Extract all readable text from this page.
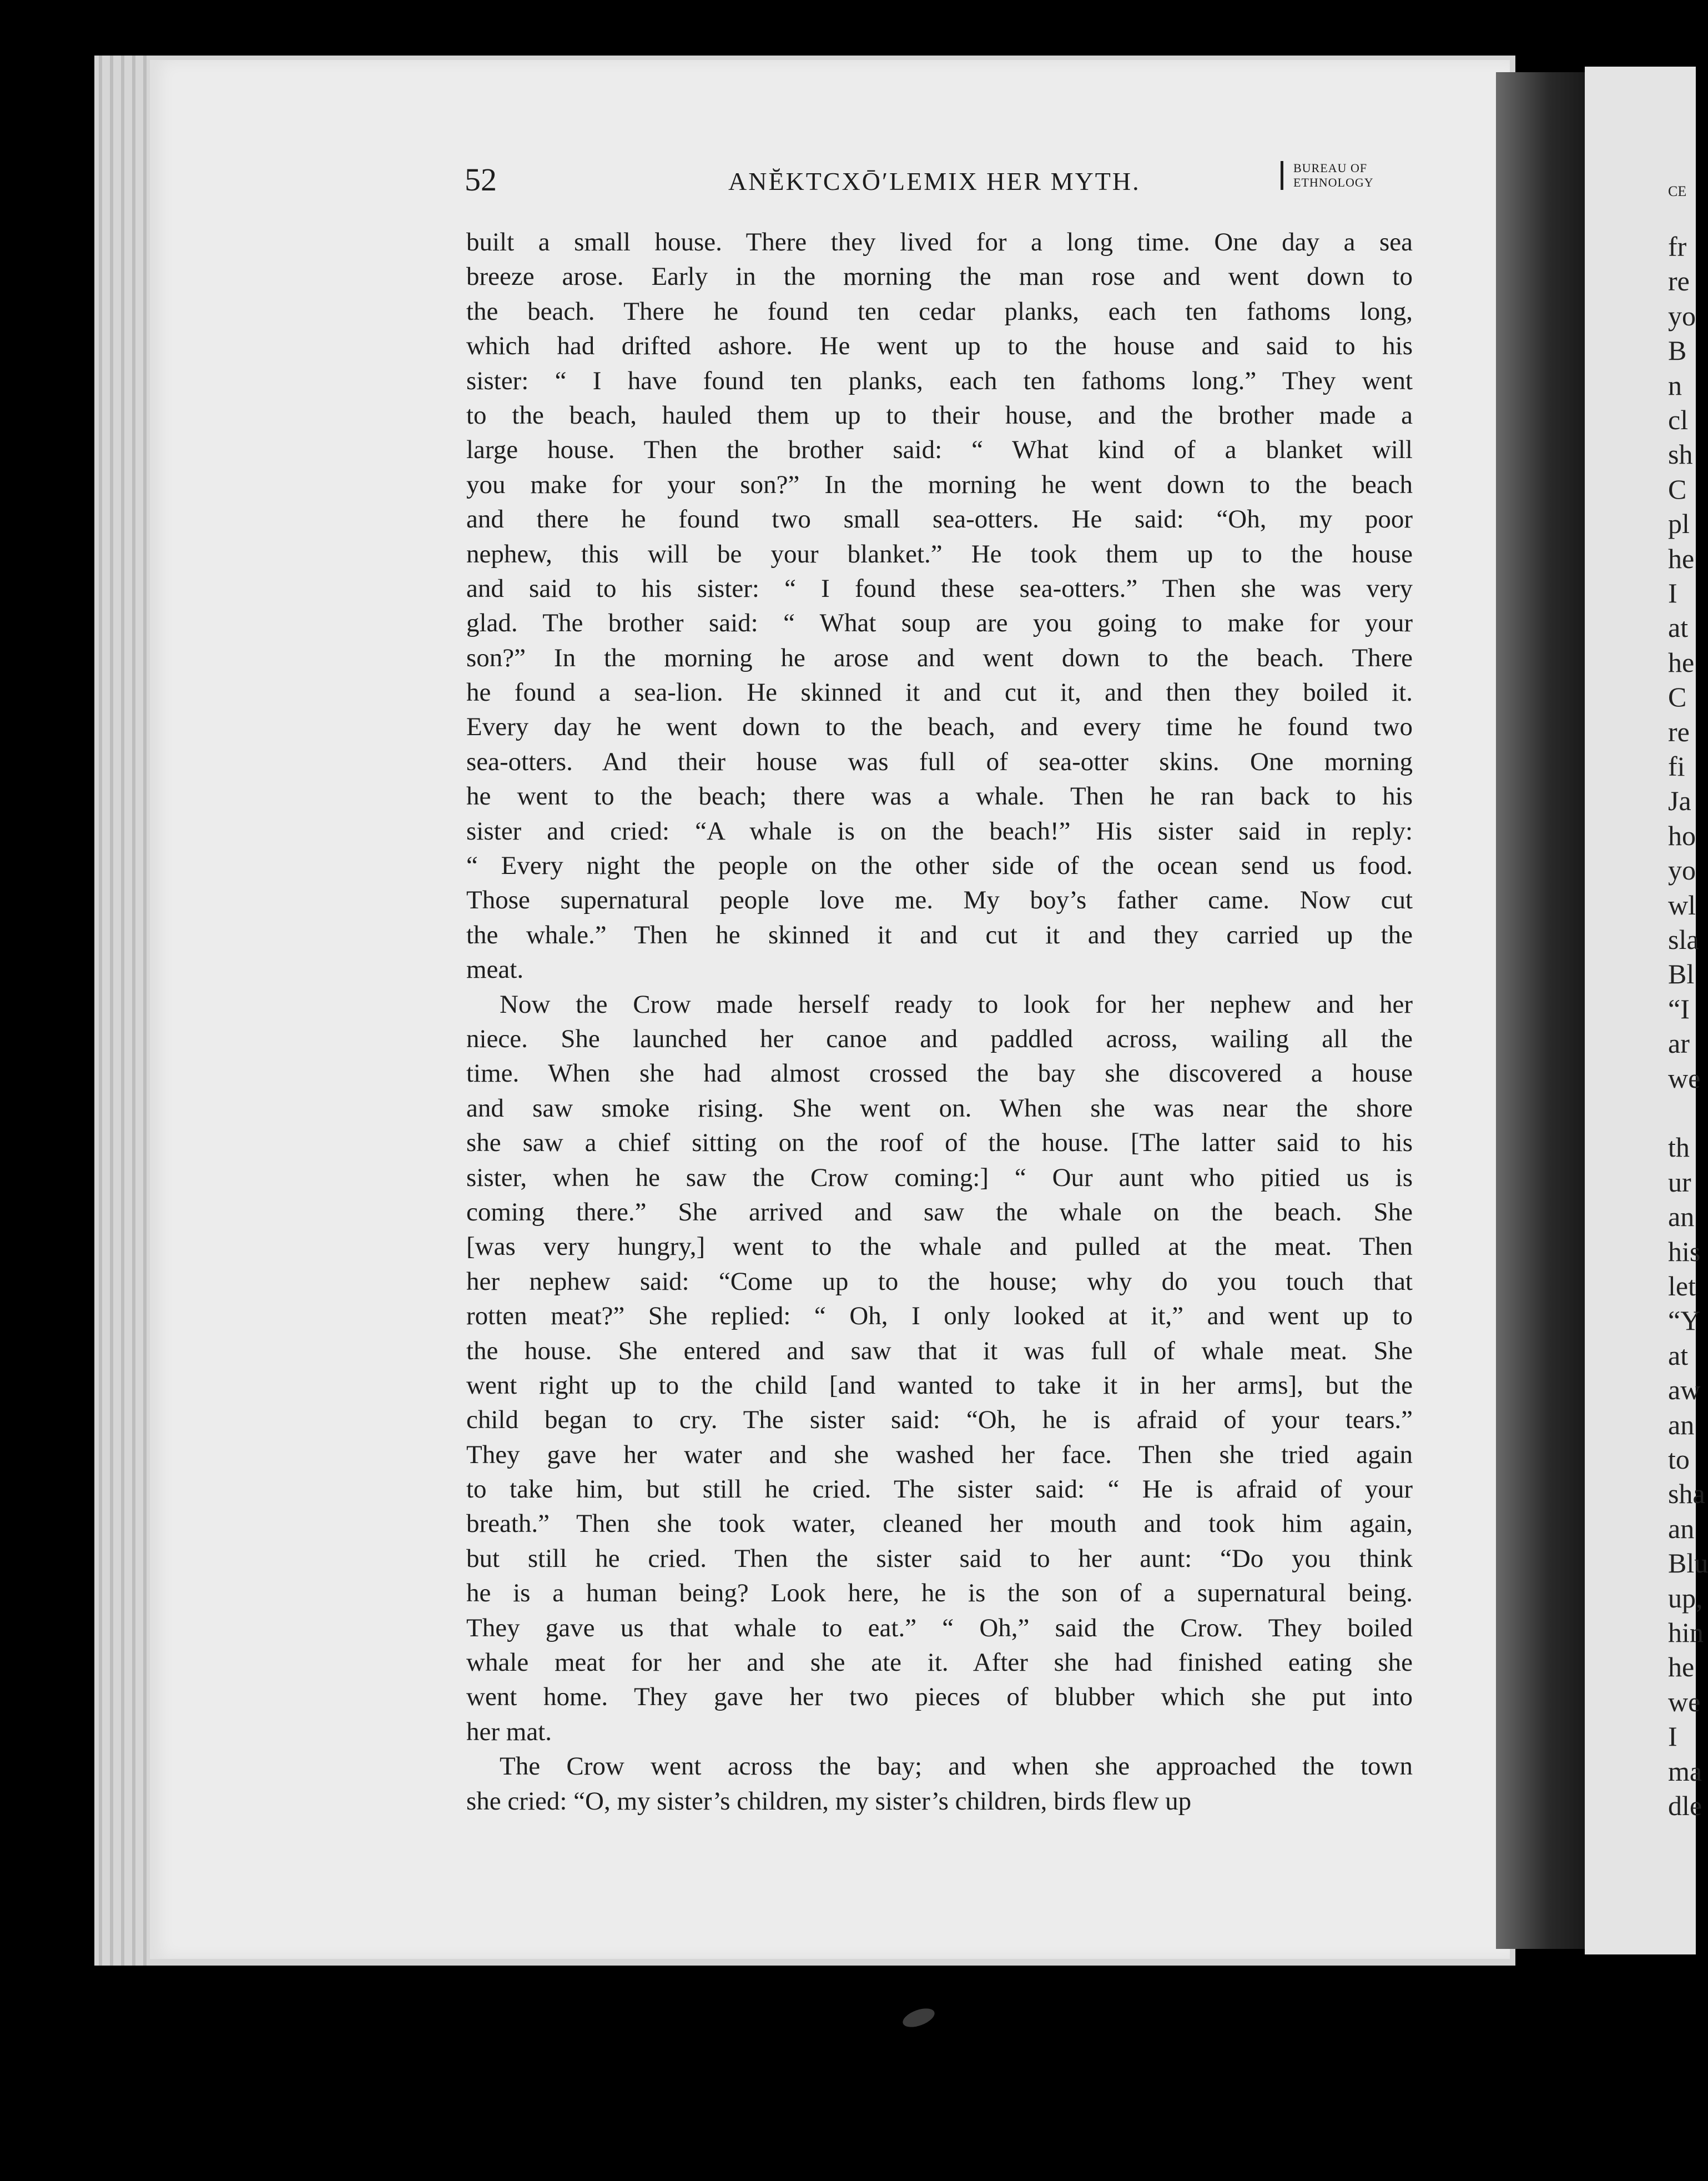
52	ANĔKTCXŌ′LEMIX HER MYTH.	BUREAU OF
ETHNOLOGY
built a small house. There they lived for a long time. One day a sea
breeze arose. Early in the morning the man rose and went down to
the beach. There he found ten cedar planks, each ten fathoms long,
which had drifted ashore. He went up to the house and said to his
sister: “ I have found ten planks, each ten fathoms long.” They went
to the beach, hauled them up to their house, and the brother made a
large house. Then the brother said: “ What kind of a blanket will
you make for your son?” In the morning he went down to the beach
and there he found two small sea-otters. He said: “Oh, my poor
nephew, this will be your blanket.” He took them up to the house
and said to his sister: “ I found these sea-otters.” Then she was very
glad. The brother said: “ What soup are you going to make for your
son?” In the morning he arose and went down to the beach. There
he found a sea-lion. He skinned it and cut it, and then they boiled it.
Every day he went down to the beach, and every time he found two
sea-otters. And their house was full of sea-otter skins. One morning
he went to the beach; there was a whale. Then he ran back to his
sister and cried: “A whale is on the beach!” His sister said in reply:
“ Every night the people on the other side of the ocean send us food.
Those supernatural people love me. My boy’s father came. Now cut
the whale.” Then he skinned it and cut it and they carried up the
meat.
Now the Crow made herself ready to look for her nephew and her
niece. She launched her canoe and paddled across, wailing all the
time. When she had almost crossed the bay she discovered a house
and saw smoke rising. She went on. When she was near the shore
she saw a chief sitting on the roof of the house. [The latter said to his
sister, when he saw the Crow coming:] “ Our aunt who pitied us is
coming there.” She arrived and saw the whale on the beach. She
[was very hungry,] went to the whale and pulled at the meat. Then
her nephew said: “Come up to the house; why do you touch that
rotten meat?” She replied: “ Oh, I only looked at it,” and went up to
the house. She entered and saw that it was full of whale meat. She
went right up to the child [and wanted to take it in her arms], but the
child began to cry. The sister said: “Oh, he is afraid of your tears.”
They gave her water and she washed her face. Then she tried again
to take him, but still he cried. The sister said: “ He is afraid of your
breath.” Then she took water, cleaned her mouth and took him again,
but still he cried. Then the sister said to her aunt: “Do you think
he is a human being? Look here, he is the son of a supernatural being.
They gave us that whale to eat.” “ Oh,” said the Crow. They boiled
whale meat for her and she ate it. After she had finished eating she
went home. They gave her two pieces of blubber which she put into
her mat.
The Crow went across the bay; and when she approached the town
she cried: “O, my sister’s children, my sister’s children, birds flew up
CE
fr
re
yo
B
n
cl
sh
C
pl
he
I
at
he
C
re
fi
Ja
ho
yo
wl
sla
Bl
“I
ar
we
th
ur
an
his
let
“Y
at
aw
an
to
sha
an
Blu
up,
hin
he
we
I
ma
dle
